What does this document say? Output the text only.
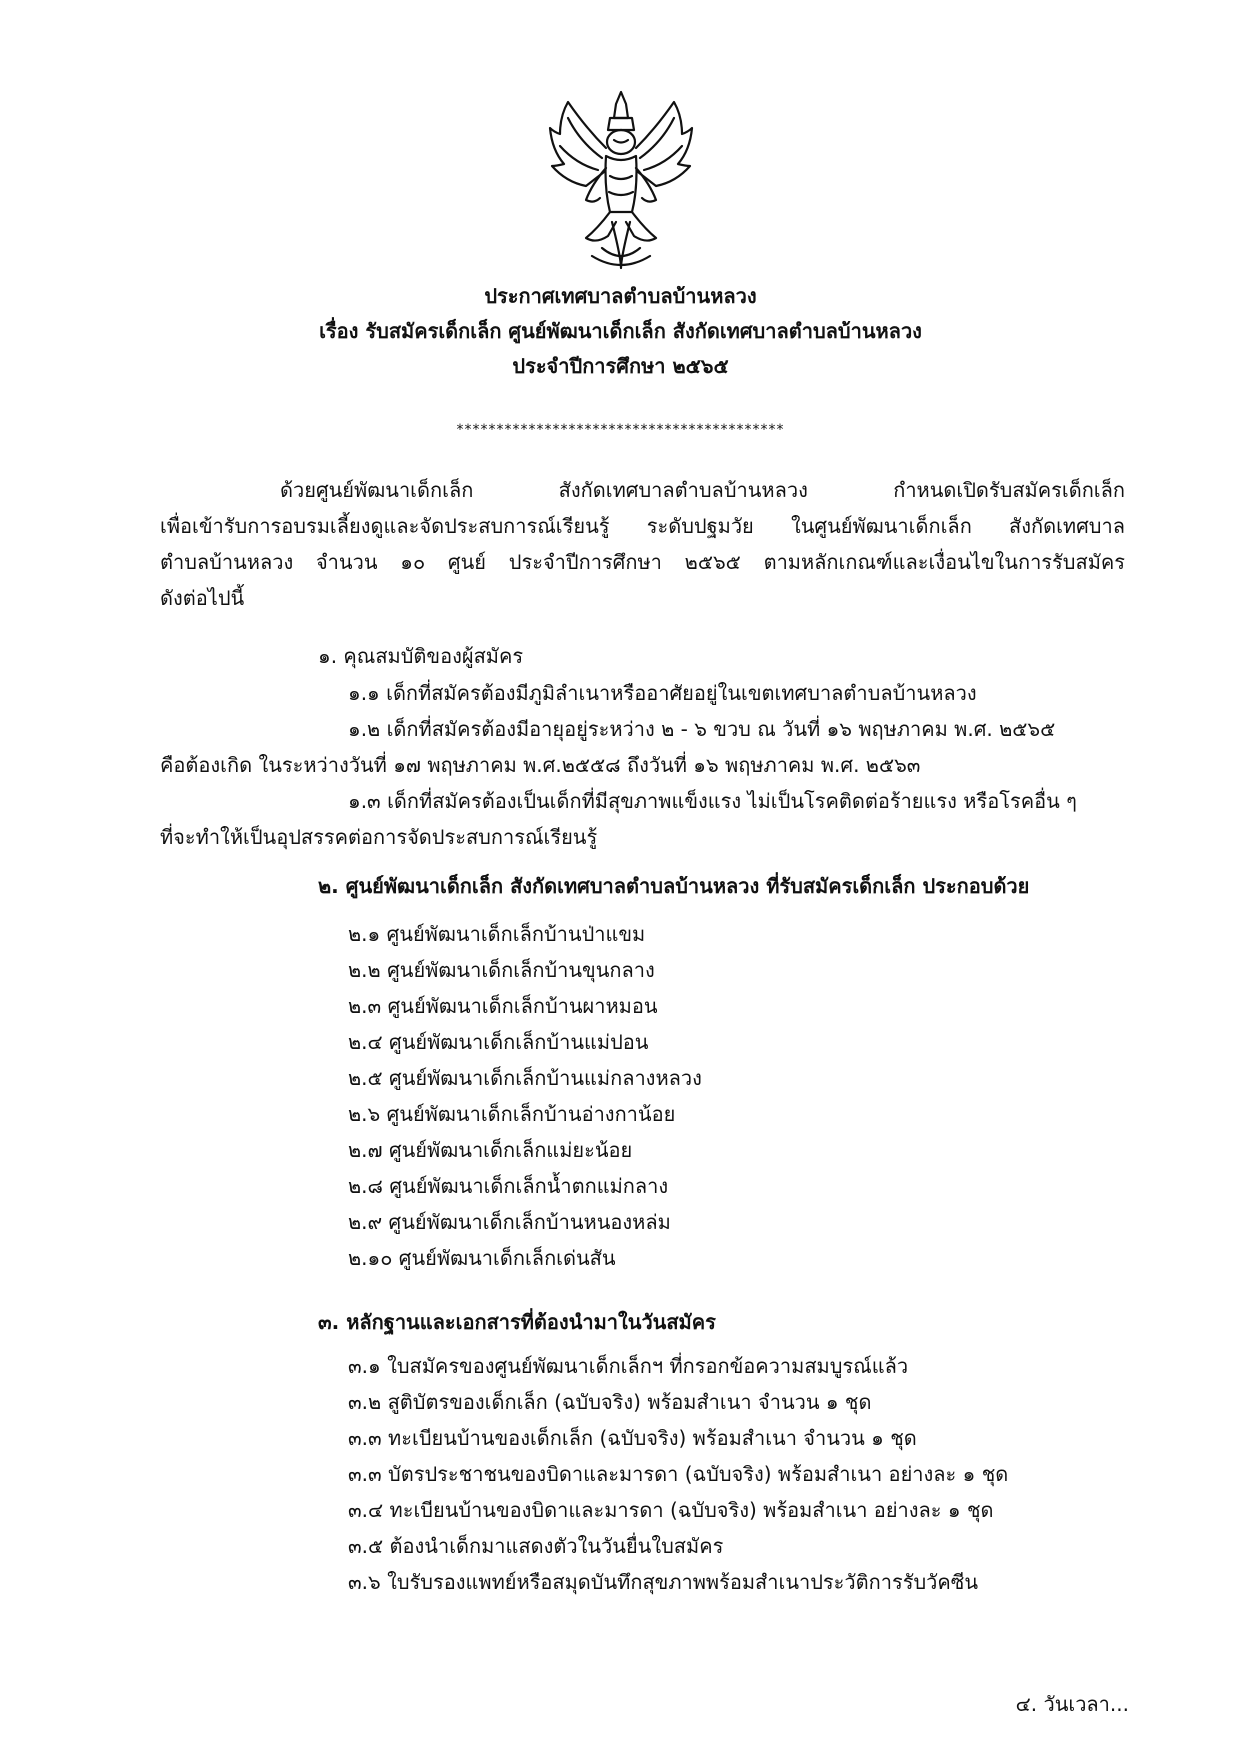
ประกาศเทศบาลตำบลบ้านหลวง
เรื่อง รับสมัครเด็กเล็ก ศูนย์พัฒนาเด็กเล็ก สังกัดเทศบาลตำบลบ้านหลวง
ประจำปีการศึกษา ๒๕๖๕
*****************************************
ด้วยศูนย์พัฒนาเด็กเล็ก สังกัดเทศบาลตำบลบ้านหลวง กำหนดเปิดรับสมัครเด็กเล็ก
เพื่อเข้ารับการอบรมเลี้ยงดูและจัดประสบการณ์เรียนรู้ ระดับปฐมวัย ในศูนย์พัฒนาเด็กเล็ก สังกัดเทศบาล
ตำบลบ้านหลวง จำนวน ๑๐ ศูนย์ ประจำปีการศึกษา ๒๕๖๕ ตามหลักเกณฑ์และเงื่อนไขในการรับสมัคร
ดังต่อไปนี้
๑. คุณสมบัติของผู้สมัคร
๑.๑ เด็กที่สมัครต้องมีภูมิลำเนาหรืออาศัยอยู่ในเขตเทศบาลตำบลบ้านหลวง
๑.๒ เด็กที่สมัครต้องมีอายุอยู่ระหว่าง ๒ - ๖ ขวบ ณ วันที่ ๑๖ พฤษภาคม พ.ศ. ๒๕๖๕
คือต้องเกิด ในระหว่างวันที่ ๑๗ พฤษภาคม พ.ศ.๒๕๕๘ ถึงวันที่ ๑๖ พฤษภาคม พ.ศ. ๒๕๖๓
๑.๓ เด็กที่สมัครต้องเป็นเด็กที่มีสุขภาพแข็งแรง ไม่เป็นโรคติดต่อร้ายแรง หรือโรคอื่น ๆ
ที่จะทำให้เป็นอุปสรรคต่อการจัดประสบการณ์เรียนรู้
๒. ศูนย์พัฒนาเด็กเล็ก สังกัดเทศบาลตำบลบ้านหลวง ที่รับสมัครเด็กเล็ก ประกอบด้วย
๒.๑ ศูนย์พัฒนาเด็กเล็กบ้านป่าแขม
๒.๒ ศูนย์พัฒนาเด็กเล็กบ้านขุนกลาง
๒.๓ ศูนย์พัฒนาเด็กเล็กบ้านผาหมอน
๒.๔ ศูนย์พัฒนาเด็กเล็กบ้านแม่ปอน
๒.๕ ศูนย์พัฒนาเด็กเล็กบ้านแม่กลางหลวง
๒.๖ ศูนย์พัฒนาเด็กเล็กบ้านอ่างกาน้อย
๒.๗ ศูนย์พัฒนาเด็กเล็กแม่ยะน้อย
๒.๘ ศูนย์พัฒนาเด็กเล็กน้ำตกแม่กลาง
๒.๙ ศูนย์พัฒนาเด็กเล็กบ้านหนองหล่ม
๒.๑๐ ศูนย์พัฒนาเด็กเล็กเด่นสัน
๓. หลักฐานและเอกสารที่ต้องนำมาในวันสมัคร
๓.๑ ใบสมัครของศูนย์พัฒนาเด็กเล็กฯ ที่กรอกข้อความสมบูรณ์แล้ว
๓.๒ สูติบัตรของเด็กเล็ก (ฉบับจริง) พร้อมสำเนา จำนวน ๑ ชุด
๓.๓ ทะเบียนบ้านของเด็กเล็ก (ฉบับจริง) พร้อมสำเนา จำนวน ๑ ชุด
๓.๓ บัตรประชาชนของบิดาและมารดา (ฉบับจริง) พร้อมสำเนา อย่างละ ๑ ชุด
๓.๔ ทะเบียนบ้านของบิดาและมารดา (ฉบับจริง) พร้อมสำเนา อย่างละ ๑ ชุด
๓.๕ ต้องนำเด็กมาแสดงตัวในวันยื่นใบสมัคร
๓.๖ ใบรับรองแพทย์หรือสมุดบันทึกสุขภาพพร้อมสำเนาประวัติการรับวัคซีน
๔. วันเวลา...
